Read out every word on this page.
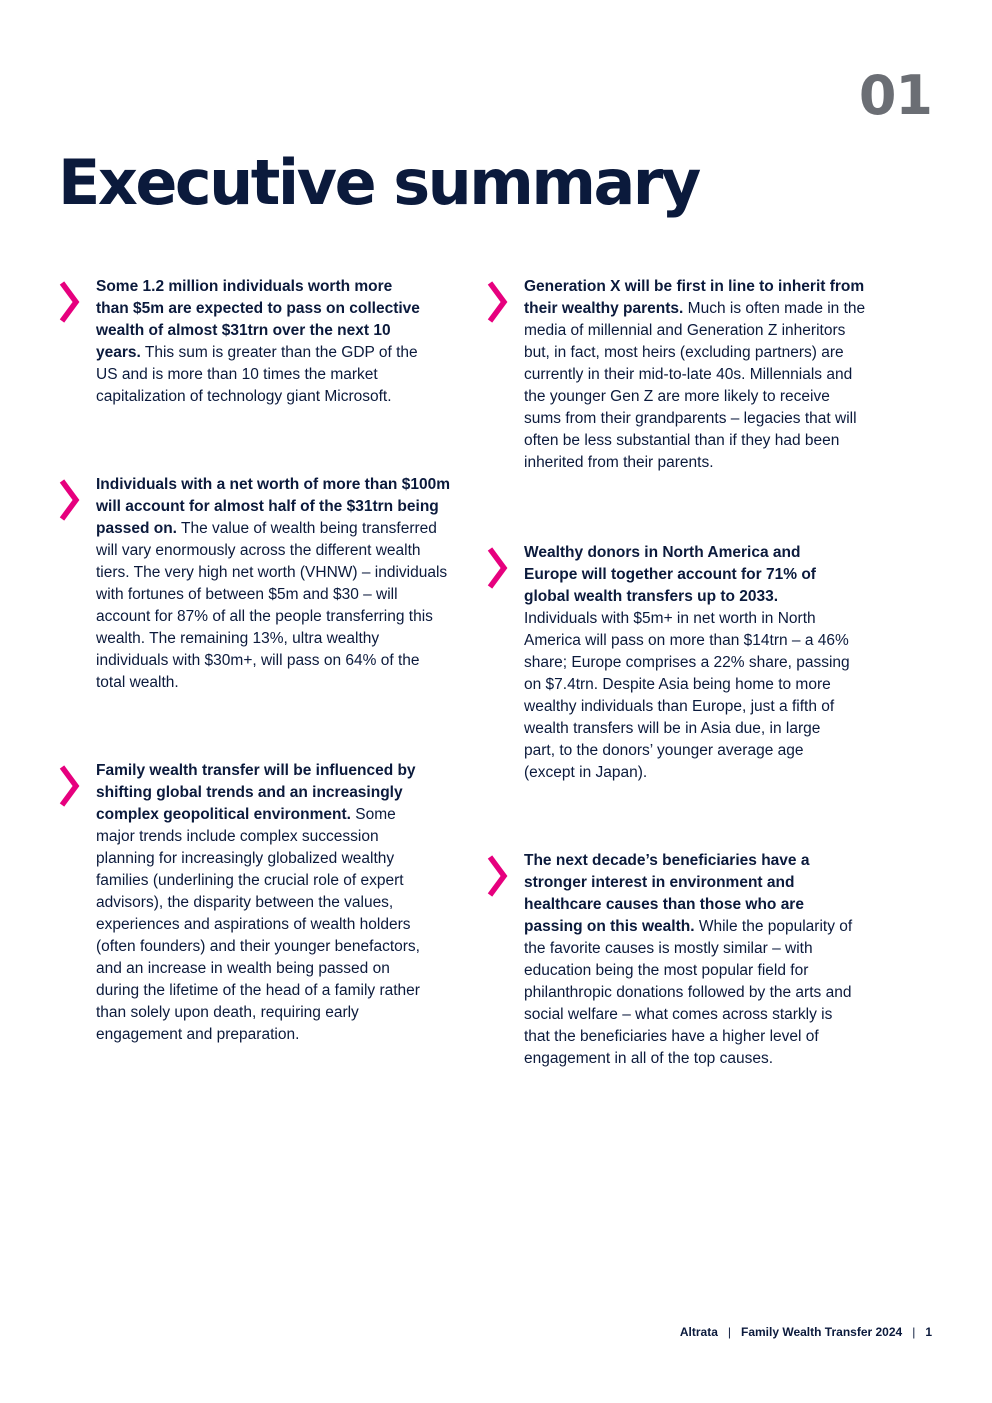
01
Executive summary

Some 1.2 million individuals worth more than $5m are expected to pass on collective wealth of almost $31trn over the next 10 years. This sum is greater than the GDP of the US and is more than 10 times the market capitalization of technology giant Microsoft.

Individuals with a net worth of more than $100m will account for almost half of the $31trn being passed on. The value of wealth being transferred will vary enormously across the different wealth tiers. The very high net worth (VHNW) – individuals with fortunes of between $5m and $30 – will account for 87% of all the people transferring this wealth. The remaining 13%, ultra wealthy individuals with $30m+, will pass on 64% of the total wealth.

Family wealth transfer will be influenced by shifting global trends and an increasingly complex geopolitical environment. Some major trends include complex succession planning for increasingly globalized wealthy families (underlining the crucial role of expert advisors), the disparity between the values, experiences and aspirations of wealth holders (often founders) and their younger benefactors, and an increase in wealth being passed on during the lifetime of the head of a family rather than solely upon death, requiring early engagement and preparation.

Generation X will be first in line to inherit from their wealthy parents. Much is often made in the media of millennial and Generation Z inheritors but, in fact, most heirs (excluding partners) are currently in their mid-to-late 40s. Millennials and the younger Gen Z are more likely to receive sums from their grandparents – legacies that will often be less substantial than if they had been inherited from their parents.

Wealthy donors in North America and Europe will together account for 71% of global wealth transfers up to 2033. Individuals with $5m+ in net worth in North America will pass on more than $14trn – a 46% share; Europe comprises a 22% share, passing on $7.4trn. Despite Asia being home to more wealthy individuals than Europe, just a fifth of wealth transfers will be in Asia due, in large part, to the donors’ younger average age (except in Japan).

The next decade’s beneficiaries have a stronger interest in environment and healthcare causes than those who are passing on this wealth. While the popularity of the favorite causes is mostly similar – with education being the most popular field for philanthropic donations followed by the arts and social welfare – what comes across starkly is that the beneficiaries have a higher level of engagement in all of the top causes.

Altrata | Family Wealth Transfer 2024 | 1
